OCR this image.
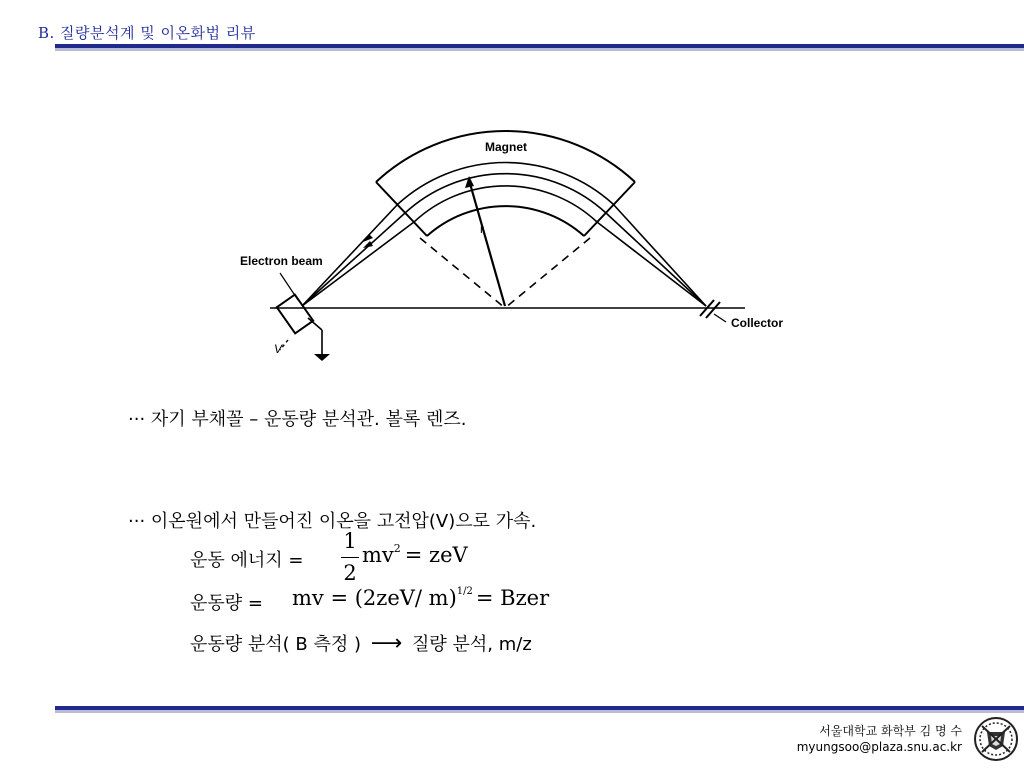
B. 질량분석계 및 이온화법 리뷰
Magnet
Electron beam
Collector
r
V
··· 자기 부채꼴 – 운동량 분석관. 볼록 렌즈.
··· 이온원에서 만들어진 이온을 고전압(V)으로 가속.
운동 에너지 =
1
2
$mv^2$ = zeV
운동량 = mv = (2zeV/ m)$^{1/2}$ = Bzer
운동량 분석( B 측정 ) ⟶ 질량 분석, m/z
서울대학교 화학부 김 명 수
myungsoo@plaza.snu.ac.kr
